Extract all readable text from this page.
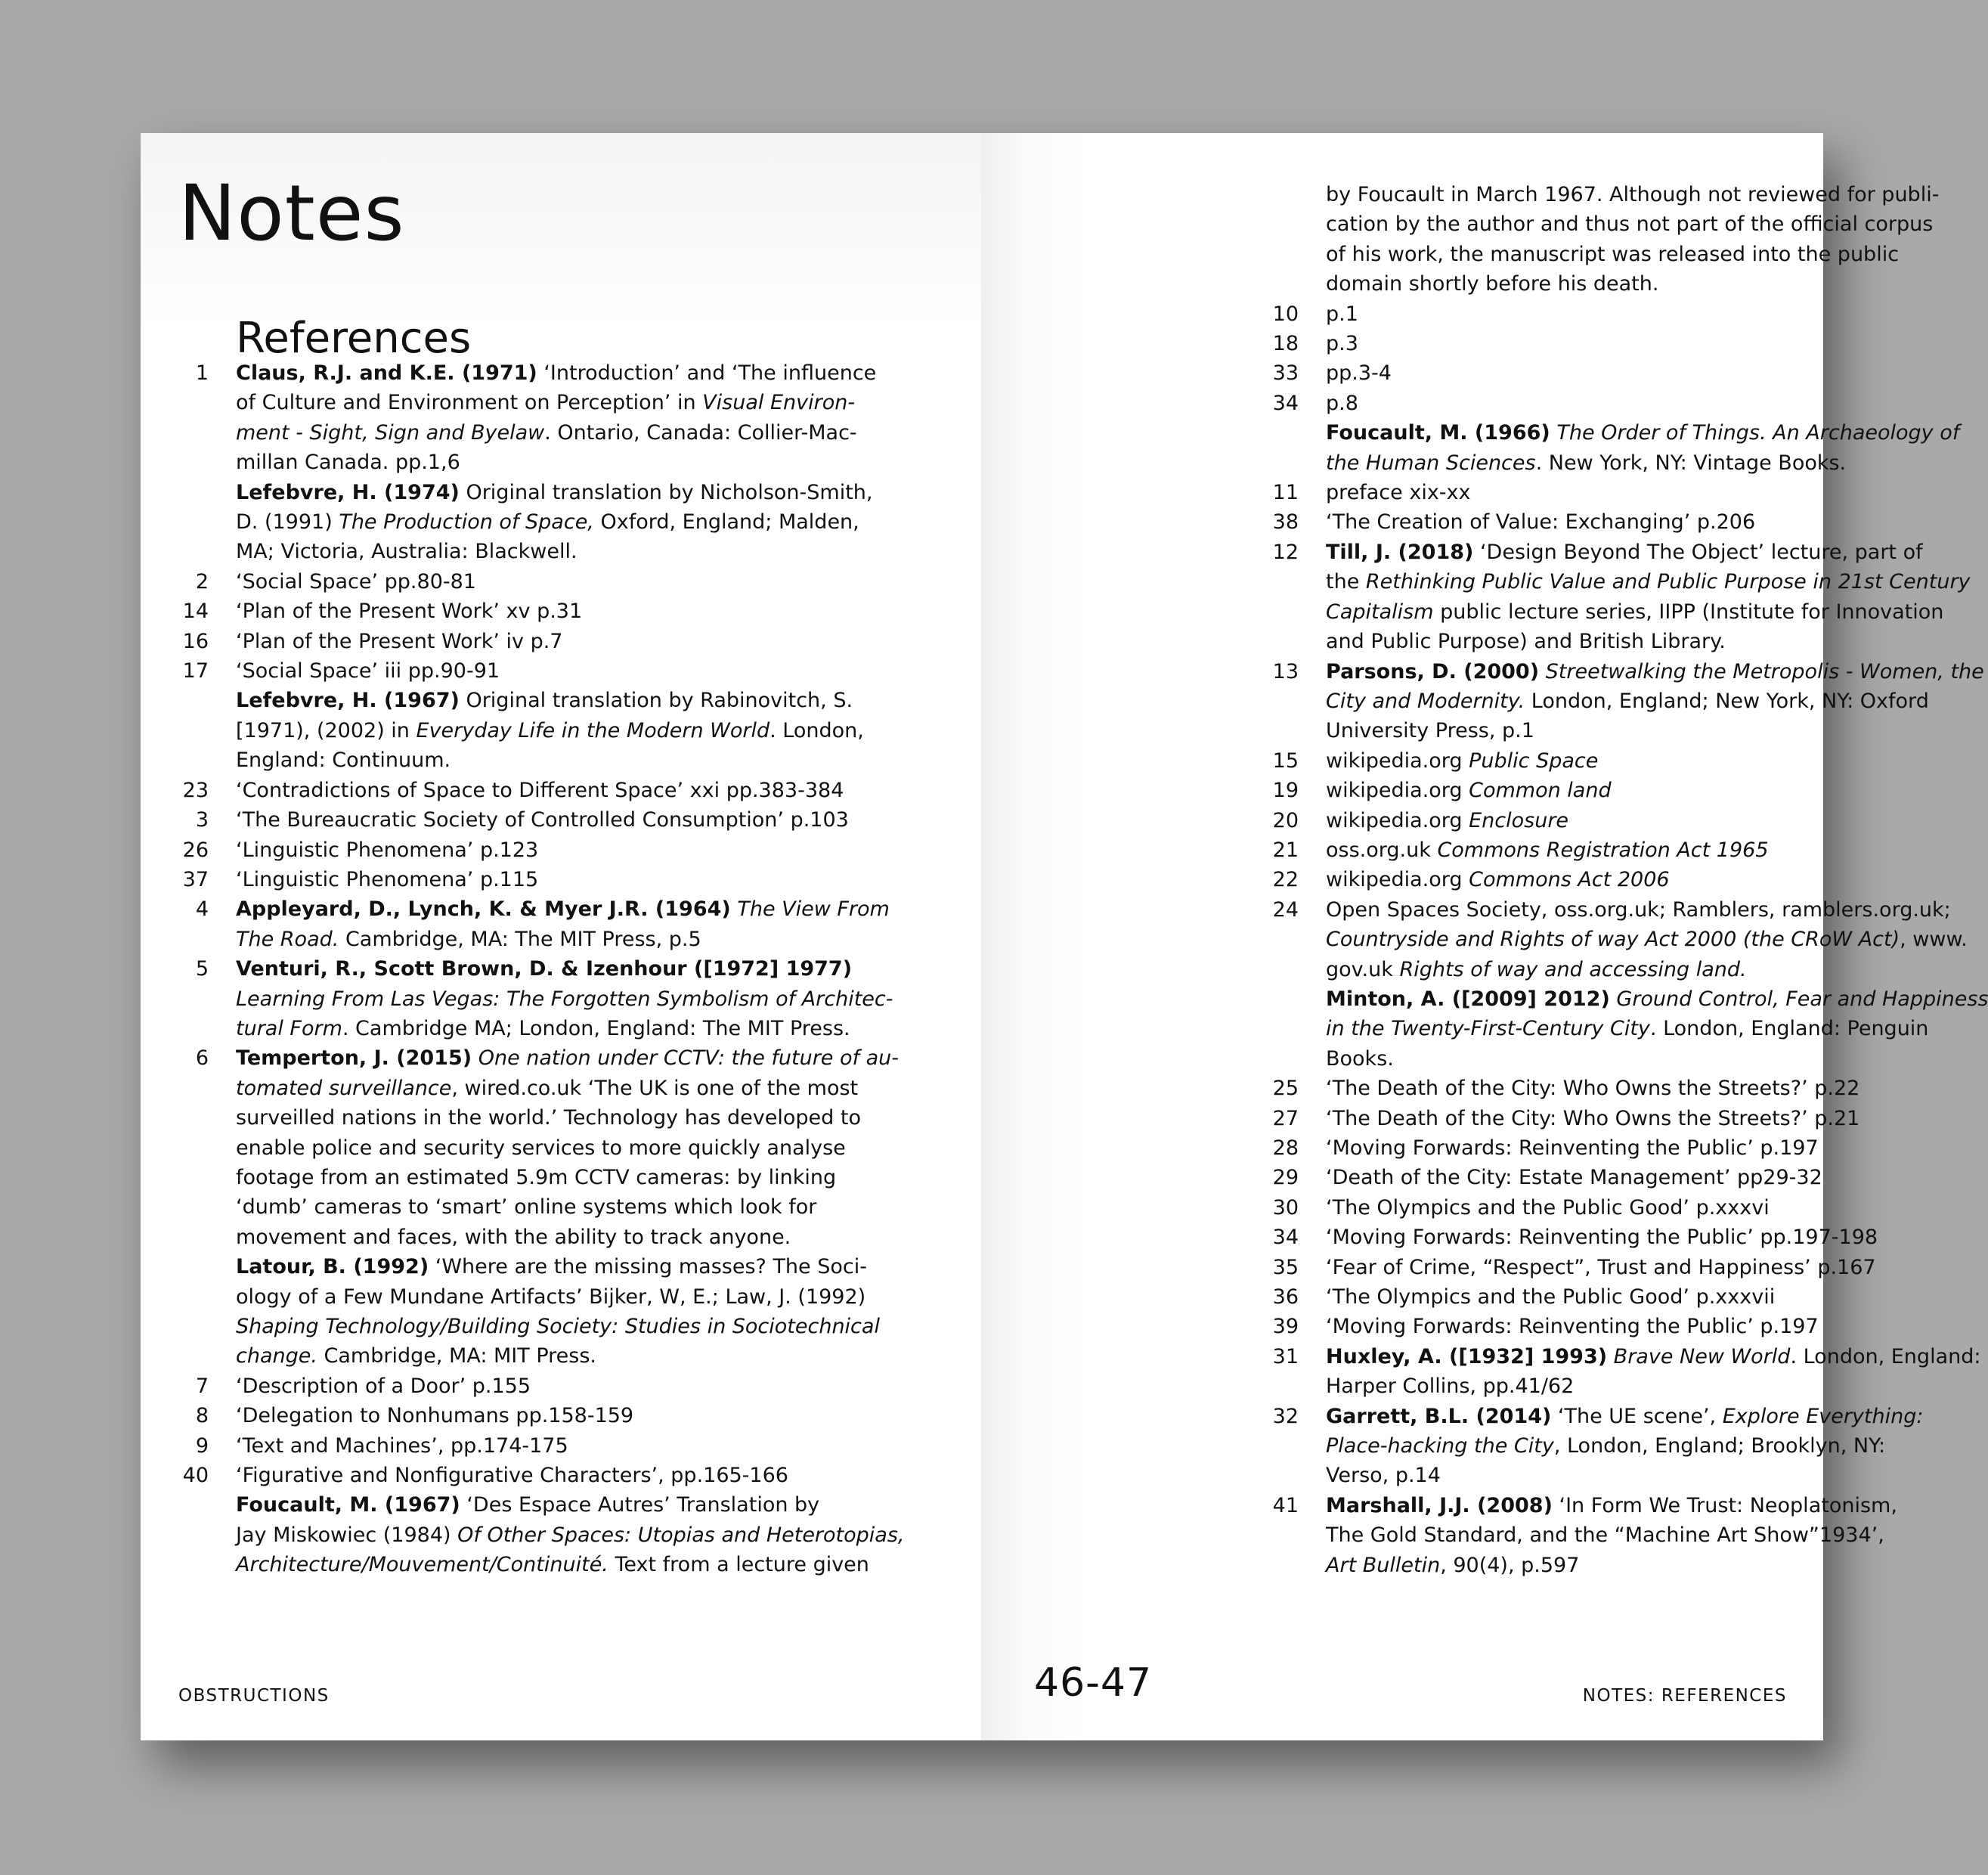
Notes
References
1	Claus, R.J. and K.E. (1971) ‘Introduction’ and ‘The influence
of Culture and Environment on Perception’ in Visual Environ-
ment - Sight, Sign and Byelaw. Ontario, Canada: Collier-Mac-
millan Canada. pp.1,6
Lefebvre, H. (1974) Original translation by Nicholson-Smith,
D. (1991) The Production of Space, Oxford, England; Malden,
MA; Victoria, Australia: Blackwell.
2	‘Social Space’ pp.80-81
14	‘Plan of the Present Work’ xv p.31
16	‘Plan of the Present Work’ iv p.7
17	‘Social Space’ iii pp.90-91
Lefebvre, H. (1967) Original translation by Rabinovitch, S.
[1971), (2002) in Everyday Life in the Modern World. London,
England: Continuum.
23	‘Contradictions of Space to Different Space’ xxi pp.383-384
3	‘The Bureaucratic Society of Controlled Consumption’ p.103
26	‘Linguistic Phenomena’ p.123
37	‘Linguistic Phenomena’ p.115
4	Appleyard, D., Lynch, K. & Myer J.R. (1964) The View From
The Road. Cambridge, MA: The MIT Press, p.5
5	Venturi, R., Scott Brown, D. & Izenhour ([1972] 1977)
Learning From Las Vegas: The Forgotten Symbolism of Architec-
tural Form. Cambridge MA; London, England: The MIT Press.
6	Temperton, J. (2015) One nation under CCTV: the future of au-
tomated surveillance, wired.co.uk ‘The UK is one of the most
surveilled nations in the world.’ Technology has developed to
enable police and security services to more quickly analyse
footage from an estimated 5.9m CCTV cameras: by linking
‘dumb’ cameras to ‘smart’ online systems which look for
movement and faces, with the ability to track anyone.
Latour, B. (1992) ‘Where are the missing masses? The Soci-
ology of a Few Mundane Artifacts’ Bijker, W, E.; Law, J. (1992)
Shaping Technology/Building Society: Studies in Sociotechnical
change. Cambridge, MA: MIT Press.
7	‘Description of a Door’ p.155
8	‘Delegation to Nonhumans pp.158-159
9	‘Text and Machines’, pp.174-175
40	‘Figurative and Nonfigurative Characters’, pp.165-166
Foucault, M. (1967) ‘Des Espace Autres’ Translation by
Jay Miskowiec (1984) Of Other Spaces: Utopias and Heterotopias,
Architecture/Mouvement/Continuité. Text from a lecture given
OBSTRUCTIONS
by Foucault in March 1967. Although not reviewed for publi-
cation by the author and thus not part of the official corpus
of his work, the manuscript was released into the public
domain shortly before his death.
10	p.1
18	p.3
33	pp.3-4
34	p.8
Foucault, M. (1966) The Order of Things. An Archaeology of
the Human Sciences. New York, NY: Vintage Books.
11	preface xix-xx
38	‘The Creation of Value: Exchanging’ p.206
12	Till, J. (2018) ‘Design Beyond The Object’ lecture, part of
the Rethinking Public Value and Public Purpose in 21st Century
Capitalism public lecture series, IIPP (Institute for Innovation
and Public Purpose) and British Library.
13	Parsons, D. (2000) Streetwalking the Metropolis - Women, the
City and Modernity. London, England; New York, NY: Oxford
University Press, p.1
15	wikipedia.org Public Space
19	wikipedia.org Common land
20	wikipedia.org Enclosure
21	oss.org.uk Commons Registration Act 1965
22	wikipedia.org Commons Act 2006
24	Open Spaces Society, oss.org.uk; Ramblers, ramblers.org.uk;
Countryside and Rights of way Act 2000 (the CRoW Act), www.
gov.uk Rights of way and accessing land.
Minton, A. ([2009] 2012) Ground Control, Fear and Happiness
in the Twenty-First-Century City. London, England: Penguin
Books.
25	‘The Death of the City: Who Owns the Streets?’ p.22
27	‘The Death of the City: Who Owns the Streets?’ p.21
28	‘Moving Forwards: Reinventing the Public’ p.197
29	‘Death of the City: Estate Management’ pp29-32
30	‘The Olympics and the Public Good’ p.xxxvi
34	‘Moving Forwards: Reinventing the Public’ pp.197-198
35	‘Fear of Crime, “Respect”, Trust and Happiness’ p.167
36	‘The Olympics and the Public Good’ p.xxxvii
39	‘Moving Forwards: Reinventing the Public’ p.197
31	Huxley, A. ([1932] 1993) Brave New World. London, England:
Harper Collins, pp.41/62
32	Garrett, B.L. (2014) ‘The UE scene’, Explore Everything:
Place-hacking the City, London, England; Brooklyn, NY:
Verso, p.14
41	Marshall, J.J. (2008) ‘In Form We Trust: Neoplatonism,
The Gold Standard, and the “Machine Art Show”1934’,
Art Bulletin, 90(4), p.597
NOTES: REFERENCES
46-47
